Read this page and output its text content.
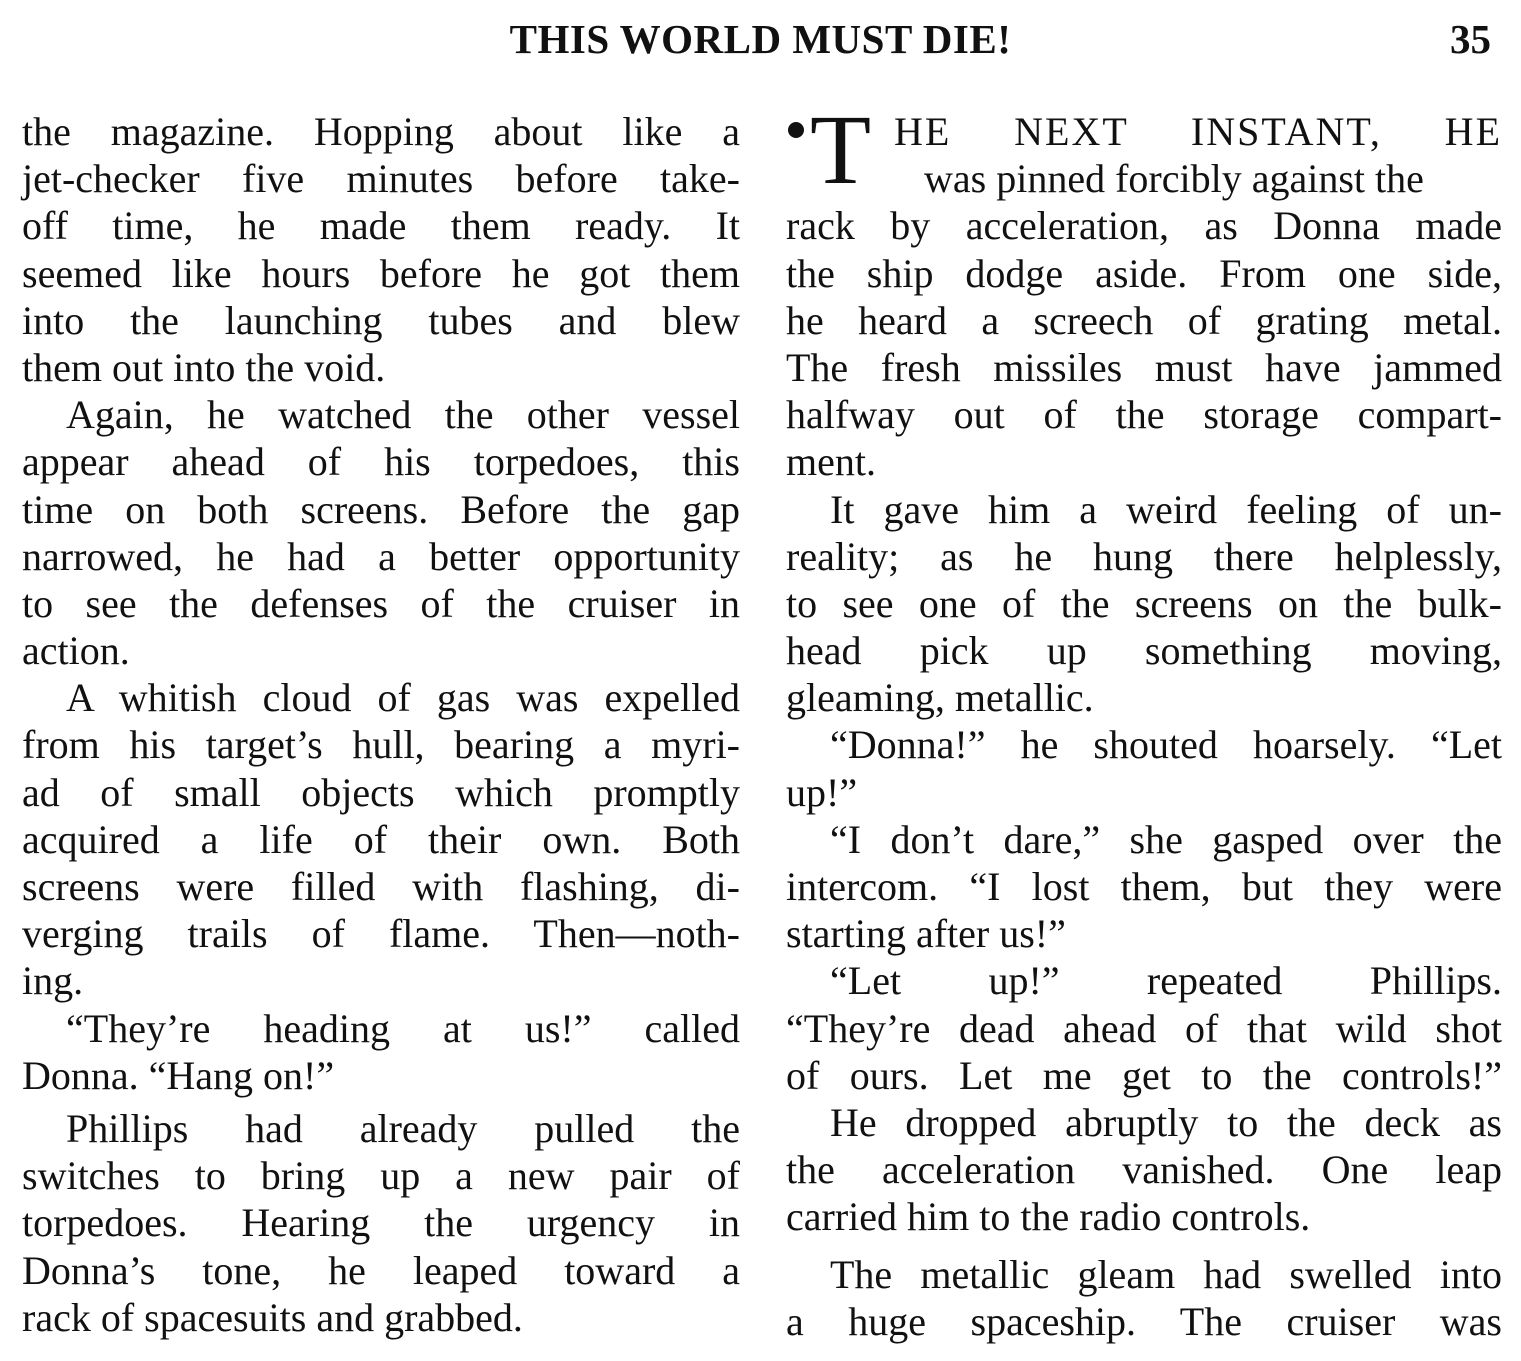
THIS WORLD MUST DIE!	35
the magazine. Hopping about like a
jet-checker five minutes before take-
off time, he made them ready. It
seemed like hours before he got them
into the launching tubes and blew
them out into the void.
Again, he watched the other vessel
appear ahead of his torpedoes, this
time on both screens. Before the gap
narrowed, he had a better opportunity
to see the defenses of the cruiser in
action.
A whitish cloud of gas was expelled
from his target’s hull, bearing a myri-
ad of small objects which promptly
acquired a life of their own. Both
screens were filled with flashing, di-
verging trails of flame. Then—noth-
ing.
“They’re heading at us!” called
Donna. “Hang on!”
Phillips had already pulled the
switches to bring up a new pair of
torpedoes. Hearing the urgency in
Donna’s tone, he leaped toward a
rack of spacesuits and grabbed.
T HE NEXT INSTANT, HE
was pinned forcibly against the
rack by acceleration, as Donna made
the ship dodge aside. From one side,
he heard a screech of grating metal.
The fresh missiles must have jammed
halfway out of the storage compart-
ment.
It gave him a weird feeling of un-
reality; as he hung there helplessly,
to see one of the screens on the bulk-
head pick up something moving,
gleaming, metallic.
“Donna!” he shouted hoarsely. “Let
up!”
“I don’t dare,” she gasped over the
intercom. “I lost them, but they were
starting after us!”
“Let up!” repeated Phillips.
“They’re dead ahead of that wild shot
of ours. Let me get to the controls!”
He dropped abruptly to the deck as
the acceleration vanished. One leap
carried him to the radio controls.
The metallic gleam had swelled into
a huge spaceship. The cruiser was
